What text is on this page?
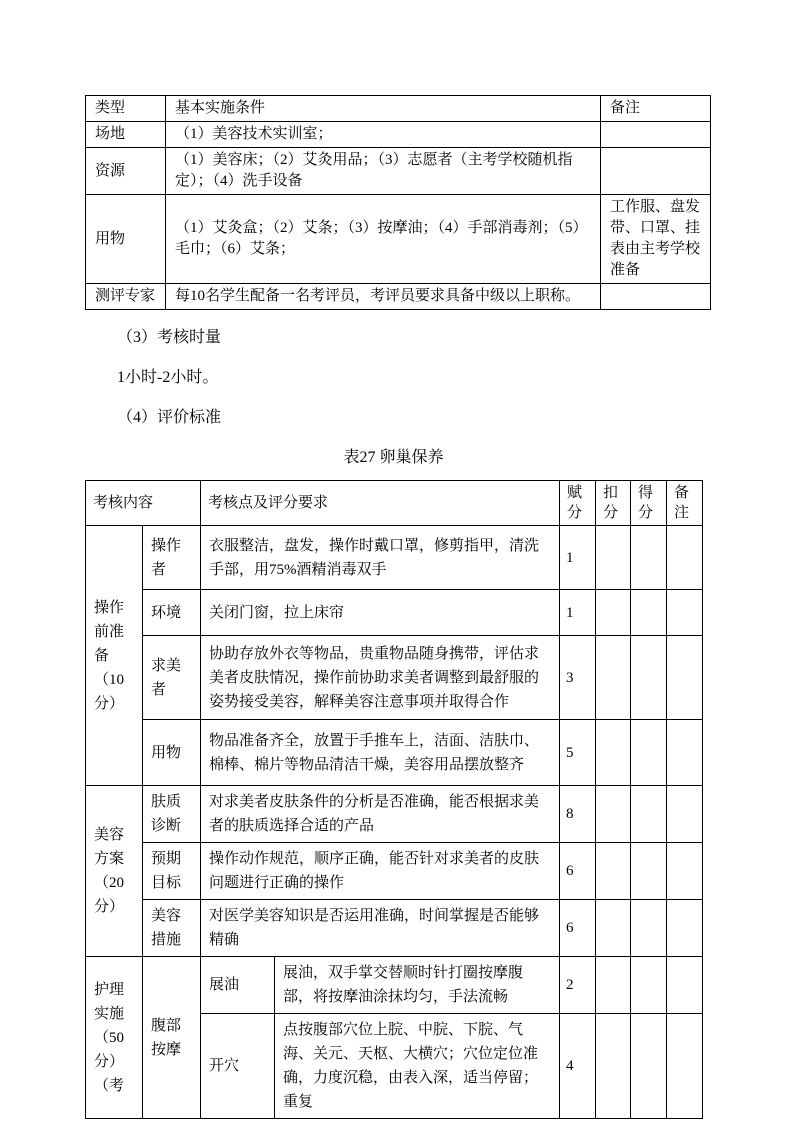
类型	基本实施条件	备注
场地	（1）美容技术实训室；	
资源	（1）美容床；（2）艾灸用品；（3）志愿者（主考学校随机指定）；（4）洗手设备	
用物	（1）艾灸盒；（2）艾条；（3）按摩油；（4）手部消毒剂；（5）毛巾；（6）艾条；	工作服、盘发带、口罩、挂表由主考学校准备
测评专家	每10名学生配备一名考评员，考评员要求具备中级以上职称。	

（3）考核时量

1小时-2小时。

（4）评价标准

表27 卵巢保养

考核内容		考核点及评分要求		赋分	扣分	得分	备注
操作前准备（10分）	操作者	衣服整洁，盘发，操作时戴口罩，修剪指甲，清洗手部，用75%酒精消毒双手		1			
	环境	关闭门窗，拉上床帘		1			
	求美者	协助存放外衣等物品，贵重物品随身携带，评估求美者皮肤情况，操作前协助求美者调整到最舒服的姿势接受美容，解释美容注意事项并取得合作		3			
	用物	物品准备齐全，放置于手推车上，洁面、洁肤巾、棉棒、棉片等物品清洁干燥，美容用品摆放整齐		5			
美容方案（20分）	肤质诊断	对求美者皮肤条件的分析是否准确，能否根据求美者的肤质选择合适的产品		8			
	预期目标	操作动作规范，顺序正确，能否针对求美者的皮肤问题进行正确的操作		6			
	美容措施	对医学美容知识是否运用准确，时间掌握是否能够精确		6			
护理实施（50分）（考	腹部按摩	展油	展油，双手掌交替顺时针打圈按摩腹部，将按摩油涂抹均匀，手法流畅	2			
		开穴	点按腹部穴位上脘、中脘、下脘、气海、关元、天枢、大横穴；穴位定位准确，力度沉稳，由表入深，适当停留；重复	4			
